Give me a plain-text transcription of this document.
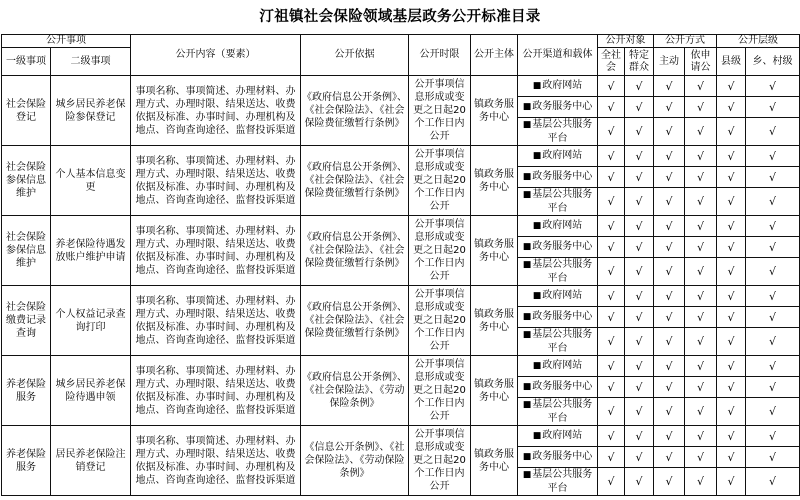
汀祖镇社会保险领域基层政务公开标准目录
公开事项		公开内容（要素）	公开依据	公开时限	公开主体	公开渠道和载体	公开对象		公开方式		公开层级	
一级事项	二级事项						全社会	特定群众	主动	依申请公	县级	乡、村级
社会保险登记	城乡居民养老保险参保登记	事项名称、事项简述、办理材料、办理方式、办理时限、结果送达、收费依据及标准、办事时间、办理机构及地点、咨询查询途径、监督投诉渠道	《政府信息公开条例》、《社会保险法》、《社会保险费征缴暂行条例》	公开事项信息形成或变更之日起20个工作日内公开	镇政务服务中心	■政府网站	√	√	√	√	√	√
						■政务服务中心	√	√	√	√	√	√
						■基层公共服务平台	√	√	√	√	√	√
社会保险参保信息维护	个人基本信息变更	事项名称、事项简述、办理材料、办理方式、办理时限、结果送达、收费依据及标准、办事时间、办理机构及地点、咨询查询途径、监督投诉渠道	《政府信息公开条例》、《社会保险法》、《社会保险费征缴暂行条例》	公开事项信息形成或变更之日起20个工作日内公开	镇政务服务中心	■政府网站	√	√	√	√	√	√
						■政务服务中心	√	√	√	√	√	√
						■基层公共服务平台	√	√	√	√	√	√
社会保险参保信息维护	养老保险待遇发放账户维护申请	事项名称、事项简述、办理材料、办理方式、办理时限、结果送达、收费依据及标准、办事时间、办理机构及地点、咨询查询途径、监督投诉渠道	《政府信息公开条例》、《社会保险法》、《社会保险费征缴暂行条例》	公开事项信息形成或变更之日起20个工作日内公开	镇政务服务中心	■政府网站	√	√	√	√	√	√
						■政务服务中心	√	√	√	√	√	√
						■基层公共服务平台	√	√	√	√	√	√
社会保险缴费记录查询	个人权益记录查询打印	事项名称、事项简述、办理材料、办理方式、办理时限、结果送达、收费依据及标准、办事时间、办理机构及地点、咨询查询途径、监督投诉渠道	《政府信息公开条例》、《社会保险法》、《社会保险费征缴暂行条例》	公开事项信息形成或变更之日起20个工作日内公开	镇政务服务中心	■政府网站	√	√	√	√	√	√
						■政务服务中心	√	√	√	√	√	√
						■基层公共服务平台	√	√	√	√	√	√
养老保险服务	城乡居民养老保险待遇申领	事项名称、事项简述、办理材料、办理方式、办理时限、结果送达、收费依据及标准、办事时间、办理机构及地点、咨询查询途径、监督投诉渠道	《政府信息公开条例》、《社会保险法》、《劳动保险条例》	公开事项信息形成或变更之日起20个工作日内公开	镇政务服务中心	■政府网站	√	√	√	√	√	√
						■政务服务中心	√	√	√	√	√	√
						■基层公共服务平台	√	√	√	√	√	√
养老保险服务	居民养老保险注销登记	事项名称、事项简述、办理材料、办理方式、办理时限、结果送达、收费依据及标准、办事时间、办理机构及地点、咨询查询途径、监督投诉渠道	《信息公开条例》、《社会保险法》、《劳动保险条例》	公开事项信息形成或变更之日起20个工作日内公开	镇政务服务中心	■政府网站	√	√	√	√	√	√
						■政务服务中心	√	√	√	√	√	√
						■基层公共服务平台	√	√	√	√	√	√
